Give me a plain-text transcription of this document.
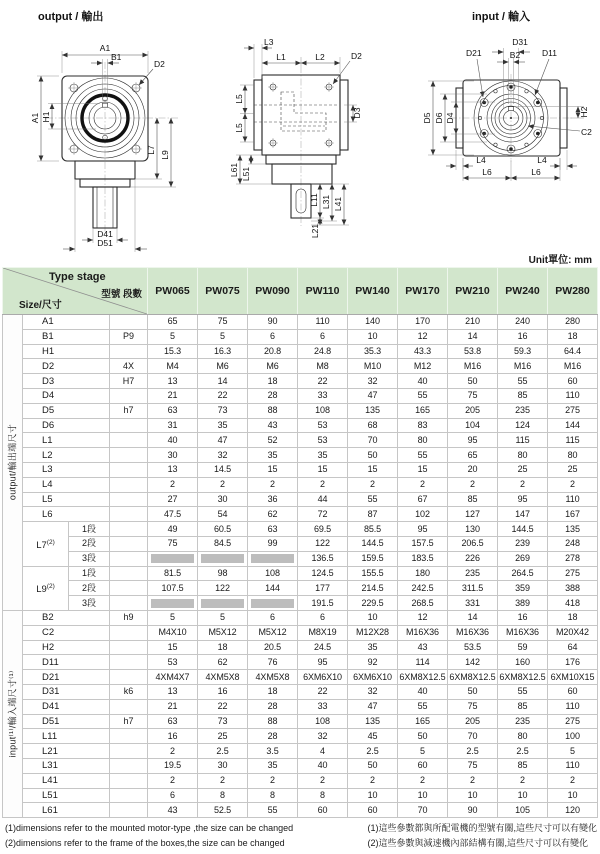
output / 輸出
A1
B1
D2
A1 H1
L7
L9
D41
D51
L3
L1	L2	D2
L5
L5
D3
L61 L51
L11
L21
L31 L41
input / 輸入
D31
B2
D21	D11
D5 D6 D4
H2
C2
L4	L4
L6	L6
Unit單位: mm
Type stage
型號 段數
Size/尺寸				PW065	PW075	PW090	PW110	PW140	PW170	PW210	PW240	PW280

output/輸出端尺寸	A1			65	75	90	110	140	170	210	240	280
	B1		P9	5	5	6	6	10	12	14	16	18
	H1			15.3	16.3	20.8	24.8	35.3	43.3	53.8	59.3	64.4
	D2		4X	M4	M6	M6	M8	M10	M12	M16	M16	M16
	D3		H7	13	14	18	22	32	40	50	55	60
	D4			21	22	28	33	47	55	75	85	110
	D5		h7	63	73	88	108	135	165	205	235	275
	D6			31	35	43	53	68	83	104	124	144
	L1			40	47	52	53	70	80	95	115	115
	L2			30	32	35	35	50	55	65	80	80
	L3			13	14.5	15	15	15	15	20	25	25
	L4			2	2	2	2	2	2	2	2	2
	L5			27	30	36	44	55	67	85	95	110
	L6			47.5	54	62	72	87	102	127	147	167
	L7$^{(2)}$	1段		49	60.5	63	69.5	85.5	95	130	144.5	135
		2段		75	84.5	99	122	144.5	157.5	206.5	239	248
		3段					136.5	159.5	183.5	226	269	278
	L9$^{(2)}$	1段		81.5	98	108	124.5	155.5	180	235	264.5	275
		2段		107.5	122	144	177	214.5	242.5	311.5	359	388
		3段					191.5	229.5	268.5	331	389	418

input⁽¹⁾/輸入端尺寸⁽¹⁾	B2		h9	5	5	6	6	10	12	14	16	18
	C2			M4X10	M5X12	M5X12	M8X19	M12X28	M16X36	M16X36	M16X36	M20X42
	H2			15	18	20.5	24.5	35	43	53.5	59	64
	D11			53	62	76	95	92	114	142	160	176
	D21			4XM4X7	4XM5X8	4XM5X8	6XM6X10	6XM6X10	6XM8X12.5	6XM8X12.5	6XM8X12.5	6XM10X15
	D31		k6	13	16	18	22	32	40	50	55	60
	D41			21	22	28	33	47	55	75	85	110
	D51		h7	63	73	88	108	135	165	205	235	275
	L11			16	25	28	32	45	50	70	80	100
	L21			2	2.5	3.5	4	2.5	5	2.5	2.5	5
	L31			19.5	30	35	40	50	60	75	85	110
	L41			2	2	2	2	2	2	2	2	2
	L51			6	8	8	8	10	10	10	10	10
	L61			43	52.5	55	60	60	70	90	105	120
(1)dimensions refer to the mounted motor-type ,the size can be changed
(2)dimensions refer to the frame of the boxes,the size can be changed
(1)這些參數都與所配電機的型號有關,這些尺寸可以有變化
(2)這些參數與減速機內部結構有關,這些尺寸可以有變化
